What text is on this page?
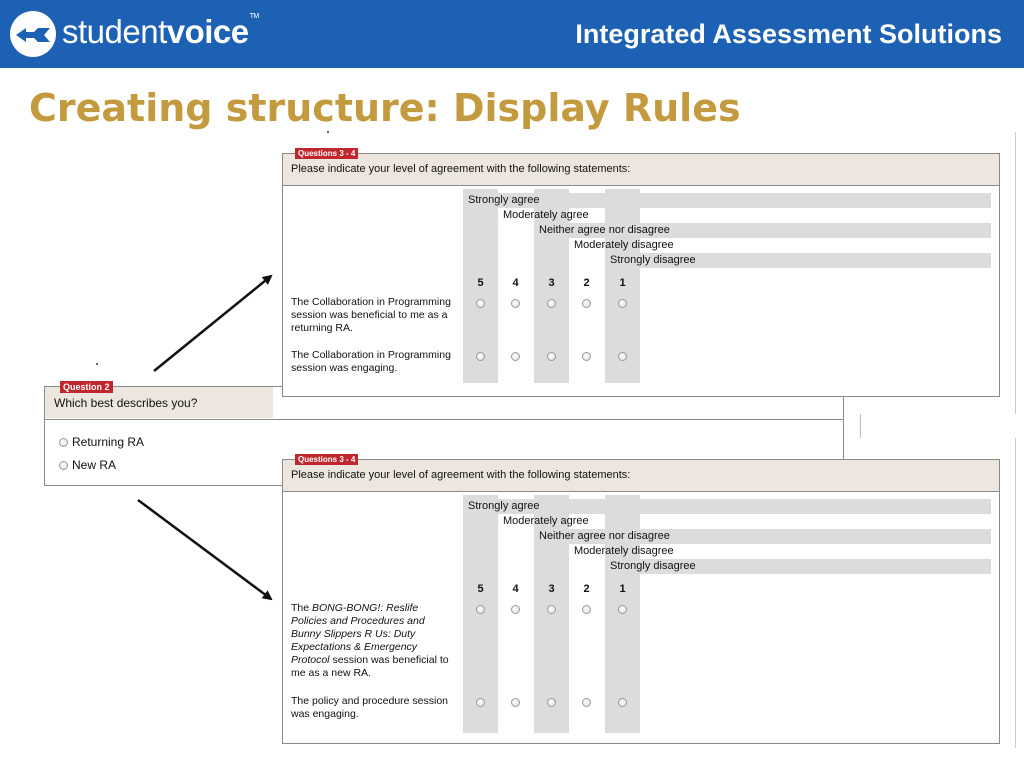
studentvoice™
Integrated Assessment Solutions
Creating structure: Display Rules
Question 2
Which best describes you?
Returning RA
New RA
Questions 3 - 4
Please indicate your level of agreement with the following statements:
Strongly agree
Moderately agree
Neither agree nor disagree
Moderately disagree
Strongly disagree
5	4	3	2	1
The Collaboration in Programming session was beneficial to me as a returning RA.
The Collaboration in Programming session was engaging.
Questions 3 - 4
Please indicate your level of agreement with the following statements:
Strongly agree
Moderately agree
Neither agree nor disagree
Moderately disagree
Strongly disagree
5	4	3	2	1
The BONG-BONG!: Reslife Policies and Procedures and Bunny Slippers R Us: Duty Expectations & Emergency Protocol session was beneficial to me as a new RA.
The policy and procedure session was engaging.
